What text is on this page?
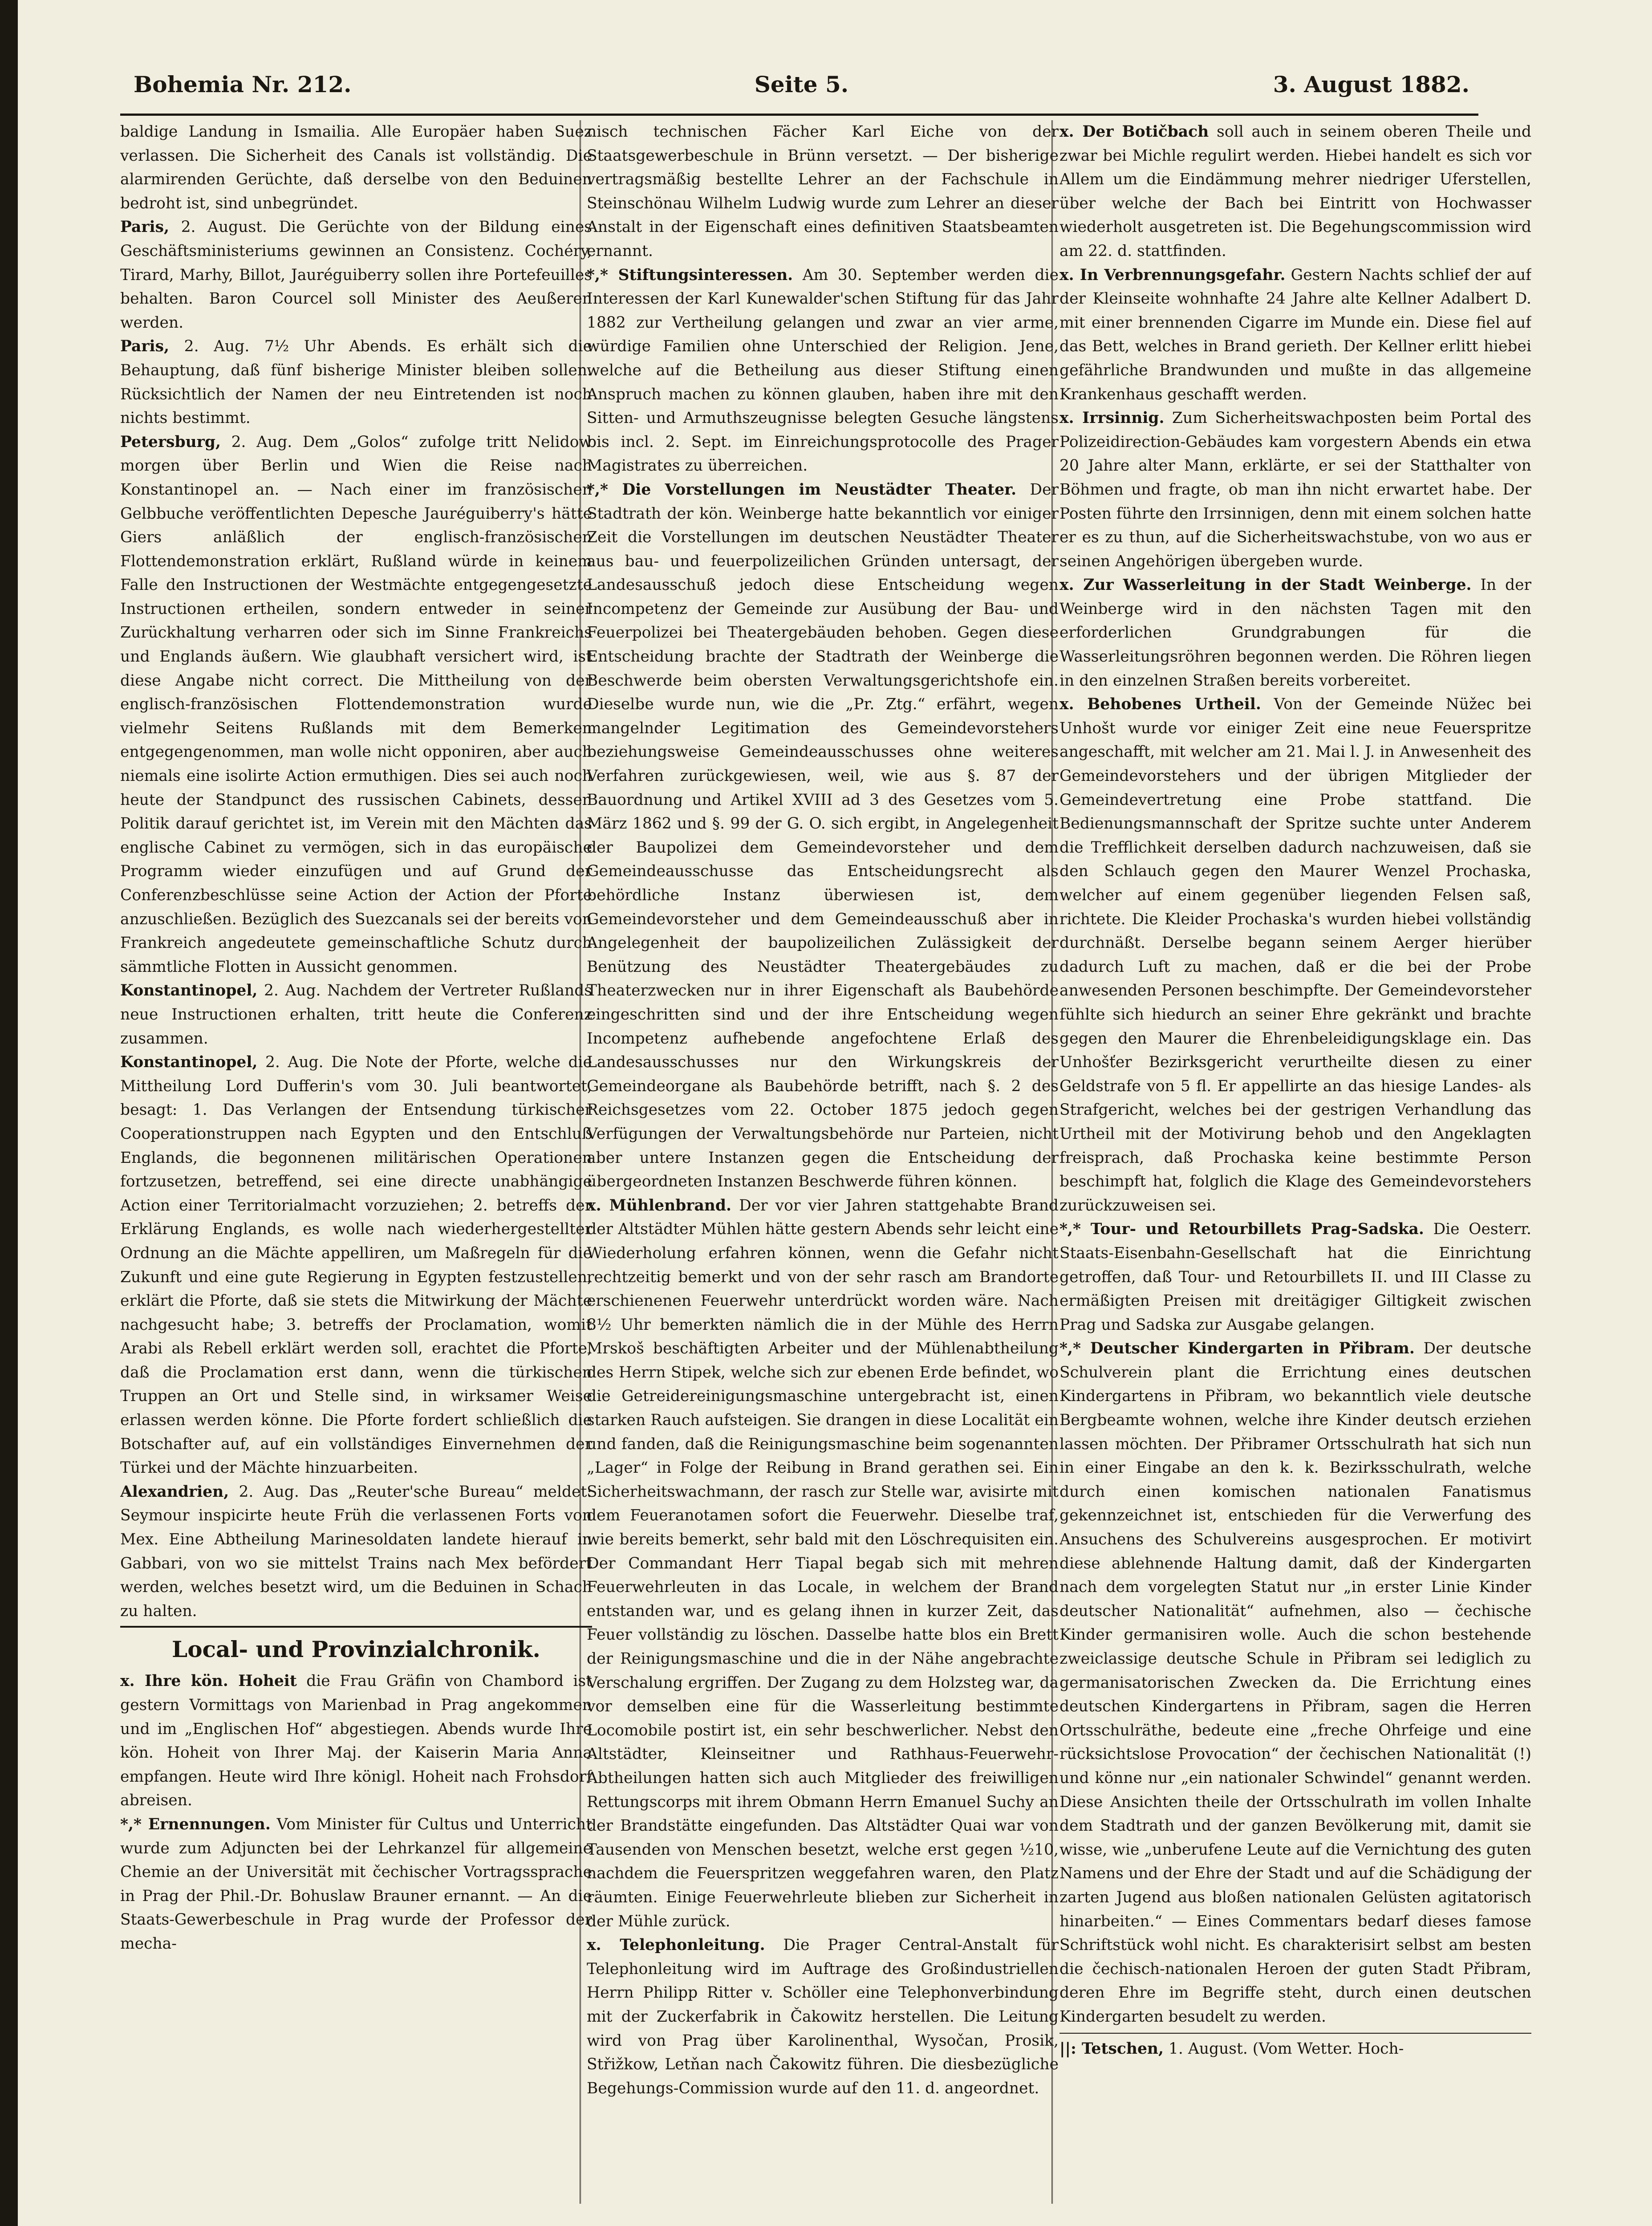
Bohemia Nr. 212.	Seite 5.	3. August 1882.

baldige Landung in Ismailia. Alle Europäer haben Suez verlassen. Die Sicherheit des Canals ist vollständig. Die alarmirenden Gerüchte, daß derselbe von den Beduinen bedroht ist, sind unbegründet.

Paris, 2. August. Die Gerüchte von der Bildung eines Geschäftsministeriums gewinnen an Consistenz. Cochéry, Tirard, Marhy, Billot, Jauréguiberry sollen ihre Portefeuilles behalten. Baron Courcel soll Minister des Aeußeren werden.

Paris, 2. Aug. 7½ Uhr Abends. Es erhält sich die Behauptung, daß fünf bisherige Minister bleiben sollen. Rücksichtlich der Namen der neu Eintretenden ist noch nichts bestimmt.

Petersburg, 2. Aug. Dem „Golos“ zufolge tritt Nelidow morgen über Berlin und Wien die Reise nach Konstantinopel an. — Nach einer im französischen Gelbbuche veröffentlichten Depesche Jauréguiberry's hätte Giers anläßlich der englisch-französischen Flottendemonstration erklärt, Rußland würde in keinem Falle den Instructionen der Westmächte entgegengesetzte Instructionen ertheilen, sondern entweder in seiner Zurückhaltung verharren oder sich im Sinne Frankreichs und Englands äußern. Wie glaubhaft versichert wird, ist diese Angabe nicht correct. Die Mittheilung von der englisch-französischen Flottendemonstration wurde vielmehr Seitens Rußlands mit dem Bemerken entgegengenommen, man wolle nicht opponiren, aber auch niemals eine isolirte Action ermuthigen. Dies sei auch noch heute der Standpunct des russischen Cabinets, dessen Politik darauf gerichtet ist, im Verein mit den Mächten das englische Cabinet zu vermögen, sich in das europäische Programm wieder einzufügen und auf Grund der Conferenzbeschlüsse seine Action der Action der Pforte anzuschließen. Bezüglich des Suezcanals sei der bereits von Frankreich angedeutete gemeinschaftliche Schutz durch sämmtliche Flotten in Aussicht genommen.

Konstantinopel, 2. Aug. Nachdem der Vertreter Rußlands neue Instructionen erhalten, tritt heute die Conferenz zusammen.

Konstantinopel, 2. Aug. Die Note der Pforte, welche die Mittheilung Lord Dufferin's vom 30. Juli beantwortet, besagt: 1. Das Verlangen der Entsendung türkischer Cooperationstruppen nach Egypten und den Entschluß Englands, die begonnenen militärischen Operationen fortzusetzen, betreffend, sei eine directe unabhängige Action einer Territorialmacht vorzuziehen; 2. betreffs der Erklärung Englands, es wolle nach wiederhergestellter Ordnung an die Mächte appelliren, um Maßregeln für die Zukunft und eine gute Regierung in Egypten festzustellen, erklärt die Pforte, daß sie stets die Mitwirkung der Mächte nachgesucht habe; 3. betreffs der Proclamation, womit Arabi als Rebell erklärt werden soll, erachtet die Pforte, daß die Proclamation erst dann, wenn die türkischen Truppen an Ort und Stelle sind, in wirksamer Weise erlassen werden könne. Die Pforte fordert schließlich die Botschafter auf, auf ein vollständiges Einvernehmen der Türkei und der Mächte hinzuarbeiten.

Alexandrien, 2. Aug. Das „Reuter'sche Bureau“ meldet: Seymour inspicirte heute Früh die verlassenen Forts von Mex. Eine Abtheilung Marinesoldaten landete hierauf in Gabbari, von wo sie mittelst Trains nach Mex befördert werden, welches besetzt wird, um die Beduinen in Schach zu halten.

Local- und Provinzialchronik.

x. Ihre kön. Hoheit die Frau Gräfin von Chambord ist gestern Vormittags von Marienbad in Prag angekommen und im „Englischen Hof“ abgestiegen. Abends wurde Ihre kön. Hoheit von Ihrer Maj. der Kaiserin Maria Anna empfangen. Heute wird Ihre königl. Hoheit nach Frohsdorf abreisen.

*,* Ernennungen. Vom Minister für Cultus und Unterricht wurde zum Adjuncten bei der Lehrkanzel für allgemeine Chemie an der Universität mit čechischer Vortragssprache in Prag der Phil.-Dr. Bohuslaw Brauner ernannt. — An die Staats-Gewerbeschule in Prag wurde der Professor der mecha-

nisch technischen Fächer Karl Eiche von der Staatsgewerbeschule in Brünn versetzt. — Der bisherige vertragsmäßig bestellte Lehrer an der Fachschule in Steinschönau Wilhelm Ludwig wurde zum Lehrer an dieser Anstalt in der Eigenschaft eines definitiven Staatsbeamten ernannt.

*,* Stiftungsinteressen. Am 30. September werden die Interessen der Karl Kunewalder'schen Stiftung für das Jahr 1882 zur Vertheilung gelangen und zwar an vier arme, würdige Familien ohne Unterschied der Religion. Jene, welche auf die Betheilung aus dieser Stiftung einen Anspruch machen zu können glauben, haben ihre mit den Sitten- und Armuthszeugnisse belegten Gesuche längstens bis incl. 2. Sept. im Einreichungsprotocolle des Prager Magistrates zu überreichen.

*,* Die Vorstellungen im Neustädter Theater. Der Stadtrath der kön. Weinberge hatte bekanntlich vor einiger Zeit die Vorstellungen im deutschen Neustädter Theater aus bau- und feuerpolizeilichen Gründen untersagt, der Landesausschuß jedoch diese Entscheidung wegen Incompetenz der Gemeinde zur Ausübung der Bau- und Feuerpolizei bei Theatergebäuden behoben. Gegen diese Entscheidung brachte der Stadtrath der Weinberge die Beschwerde beim obersten Verwaltungsgerichtshofe ein. Dieselbe wurde nun, wie die „Pr. Ztg.“ erfährt, wegen mangelnder Legitimation des Gemeindevorstehers beziehungsweise Gemeindeausschusses ohne weiteres Verfahren zurückgewiesen, weil, wie aus §. 87 der Bauordnung und Artikel XVIII ad 3 des Gesetzes vom 5. März 1862 und §. 99 der G. O. sich ergibt, in Angelegenheit der Baupolizei dem Gemeindevorsteher und dem Gemeindeausschusse das Entscheidungsrecht als behördliche Instanz überwiesen ist, dem Gemeindevorsteher und dem Gemeindeausschuß aber in Angelegenheit der baupolizeilichen Zulässigkeit der Benützung des Neustädter Theatergebäudes zu Theaterzwecken nur in ihrer Eigenschaft als Baubehörde eingeschritten sind und der ihre Entscheidung wegen Incompetenz aufhebende angefochtene Erlaß des Landesausschusses nur den Wirkungskreis der Gemeindeorgane als Baubehörde betrifft, nach §. 2 des Reichsgesetzes vom 22. October 1875 jedoch gegen Verfügungen der Verwaltungsbehörde nur Parteien, nicht aber untere Instanzen gegen die Entscheidung der übergeordneten Instanzen Beschwerde führen können.

x. Mühlenbrand. Der vor vier Jahren stattgehabte Brand der Altstädter Mühlen hätte gestern Abends sehr leicht eine Wiederholung erfahren können, wenn die Gefahr nicht rechtzeitig bemerkt und von der sehr rasch am Brandorte erschienenen Feuerwehr unterdrückt worden wäre. Nach 8½ Uhr bemerkten nämlich die in der Mühle des Herrn Mrskoš beschäftigten Arbeiter und der Mühlenabtheilung des Herrn Stipek, welche sich zur ebenen Erde befindet, wo die Getreidereinigungsmaschine untergebracht ist, einen starken Rauch aufsteigen. Sie drangen in diese Localität ein und fanden, daß die Reinigungsmaschine beim sogenannten „Lager“ in Folge der Reibung in Brand gerathen sei. Ein Sicherheitswachmann, der rasch zur Stelle war, avisirte mit dem Feueranotamen sofort die Feuerwehr. Dieselbe traf, wie bereits bemerkt, sehr bald mit den Löschrequisiten ein. Der Commandant Herr Tiapal begab sich mit mehren Feuerwehrleuten in das Locale, in welchem der Brand entstanden war, und es gelang ihnen in kurzer Zeit, das Feuer vollständig zu löschen. Dasselbe hatte blos ein Brett der Reinigungsmaschine und die in der Nähe angebrachte Verschalung ergriffen. Der Zugang zu dem Holzsteg war, da vor demselben eine für die Wasserleitung bestimmte Locomobile postirt ist, ein sehr beschwerlicher. Nebst den Altstädter, Kleinseitner und Rathhaus-Feuerwehr-Abtheilungen hatten sich auch Mitglieder des freiwilligen Rettungscorps mit ihrem Obmann Herrn Emanuel Suchy an der Brandstätte eingefunden. Das Altstädter Quai war von Tausenden von Menschen besetzt, welche erst gegen ½10, nachdem die Feuerspritzen weggefahren waren, den Platz räumten. Einige Feuerwehrleute blieben zur Sicherheit in der Mühle zurück.

x. Telephonleitung. Die Prager Central-Anstalt für Telephonleitung wird im Auftrage des Großindustriellen Herrn Philipp Ritter v. Schöller eine Telephonverbindung mit der Zuckerfabrik in Čakowitz herstellen. Die Leitung wird von Prag über Karolinenthal, Wysočan, Prosik, Střižkow, Letňan nach Čakowitz führen. Die diesbezügliche Begehungs-Commission wurde auf den 11. d. angeordnet.

x. Der Botičbach soll auch in seinem oberen Theile und zwar bei Michle regulirt werden. Hiebei handelt es sich vor Allem um die Eindämmung mehrer niedriger Uferstellen, über welche der Bach bei Eintritt von Hochwasser wiederholt ausgetreten ist. Die Begehungscommission wird am 22. d. stattfinden.

x. In Verbrennungsgefahr. Gestern Nachts schlief der auf der Kleinseite wohnhafte 24 Jahre alte Kellner Adalbert D. mit einer brennenden Cigarre im Munde ein. Diese fiel auf das Bett, welches in Brand gerieth. Der Kellner erlitt hiebei gefährliche Brandwunden und mußte in das allgemeine Krankenhaus geschafft werden.

x. Irrsinnig. Zum Sicherheitswachposten beim Portal des Polizeidirection-Gebäudes kam vorgestern Abends ein etwa 20 Jahre alter Mann, erklärte, er sei der Statthalter von Böhmen und fragte, ob man ihn nicht erwartet habe. Der Posten führte den Irrsinnigen, denn mit einem solchen hatte er es zu thun, auf die Sicherheitswachstube, von wo aus er seinen Angehörigen übergeben wurde.

x. Zur Wasserleitung in der Stadt Weinberge. In der Weinberge wird in den nächsten Tagen mit den erforderlichen Grundgrabungen für die Wasserleitungsröhren begonnen werden. Die Röhren liegen in den einzelnen Straßen bereits vorbereitet.

x. Behobenes Urtheil. Von der Gemeinde Nüžec bei Unhošt wurde vor einiger Zeit eine neue Feuerspritze angeschafft, mit welcher am 21. Mai l. J. in Anwesenheit des Gemeindevorstehers und der übrigen Mitglieder der Gemeindevertretung eine Probe stattfand. Die Bedienungsmannschaft der Spritze suchte unter Anderem die Trefflichkeit derselben dadurch nachzuweisen, daß sie den Schlauch gegen den Maurer Wenzel Prochaska, welcher auf einem gegenüber liegenden Felsen saß, richtete. Die Kleider Prochaska's wurden hiebei vollständig durchnäßt. Derselbe begann seinem Aerger hierüber dadurch Luft zu machen, daß er die bei der Probe anwesenden Personen beschimpfte. Der Gemeindevorsteher fühlte sich hiedurch an seiner Ehre gekränkt und brachte gegen den Maurer die Ehrenbeleidigungsklage ein. Das Unhošťer Bezirksgericht verurtheilte diesen zu einer Geldstrafe von 5 fl. Er appellirte an das hiesige Landes- als Strafgericht, welches bei der gestrigen Verhandlung das Urtheil mit der Motivirung behob und den Angeklagten freisprach, daß Prochaska keine bestimmte Person beschimpft hat, folglich die Klage des Gemeindevorstehers zurückzuweisen sei.

*,* Tour- und Retourbillets Prag-Sadska. Die Oesterr. Staats-Eisenbahn-Gesellschaft hat die Einrichtung getroffen, daß Tour- und Retourbillets II. und III Classe zu ermäßigten Preisen mit dreitägiger Giltigkeit zwischen Prag und Sadska zur Ausgabe gelangen.

*,* Deutscher Kindergarten in Přibram. Der deutsche Schulverein plant die Errichtung eines deutschen Kindergartens in Přibram, wo bekanntlich viele deutsche Bergbeamte wohnen, welche ihre Kinder deutsch erziehen lassen möchten. Der Přibramer Ortsschulrath hat sich nun in einer Eingabe an den k. k. Bezirksschulrath, welche durch einen komischen nationalen Fanatismus gekennzeichnet ist, entschieden für die Verwerfung des Ansuchens des Schulvereins ausgesprochen. Er motivirt diese ablehnende Haltung damit, daß der Kindergarten nach dem vorgelegten Statut nur „in erster Linie Kinder deutscher Nationalität“ aufnehmen, also — čechische Kinder germanisiren wolle. Auch die schon bestehende zweiclassige deutsche Schule in Přibram sei lediglich zu germanisatorischen Zwecken da. Die Errichtung eines deutschen Kindergartens in Přibram, sagen die Herren Ortsschulräthe, bedeute eine „freche Ohrfeige und eine rücksichtslose Provocation“ der čechischen Nationalität (!) und könne nur „ein nationaler Schwindel“ genannt werden. Diese Ansichten theile der Ortsschulrath im vollen Inhalte dem Stadtrath und der ganzen Bevölkerung mit, damit sie wisse, wie „unberufene Leute auf die Vernichtung des guten Namens und der Ehre der Stadt und auf die Schädigung der zarten Jugend aus bloßen nationalen Gelüsten agitatorisch hinarbeiten.“ — Eines Commentars bedarf dieses famose Schriftstück wohl nicht. Es charakterisirt selbst am besten die čechisch-nationalen Heroen der guten Stadt Přibram, deren Ehre im Begriffe steht, durch einen deutschen Kindergarten besudelt zu werden.

||: Tetschen, 1. August. (Vom Wetter. Hoch-
